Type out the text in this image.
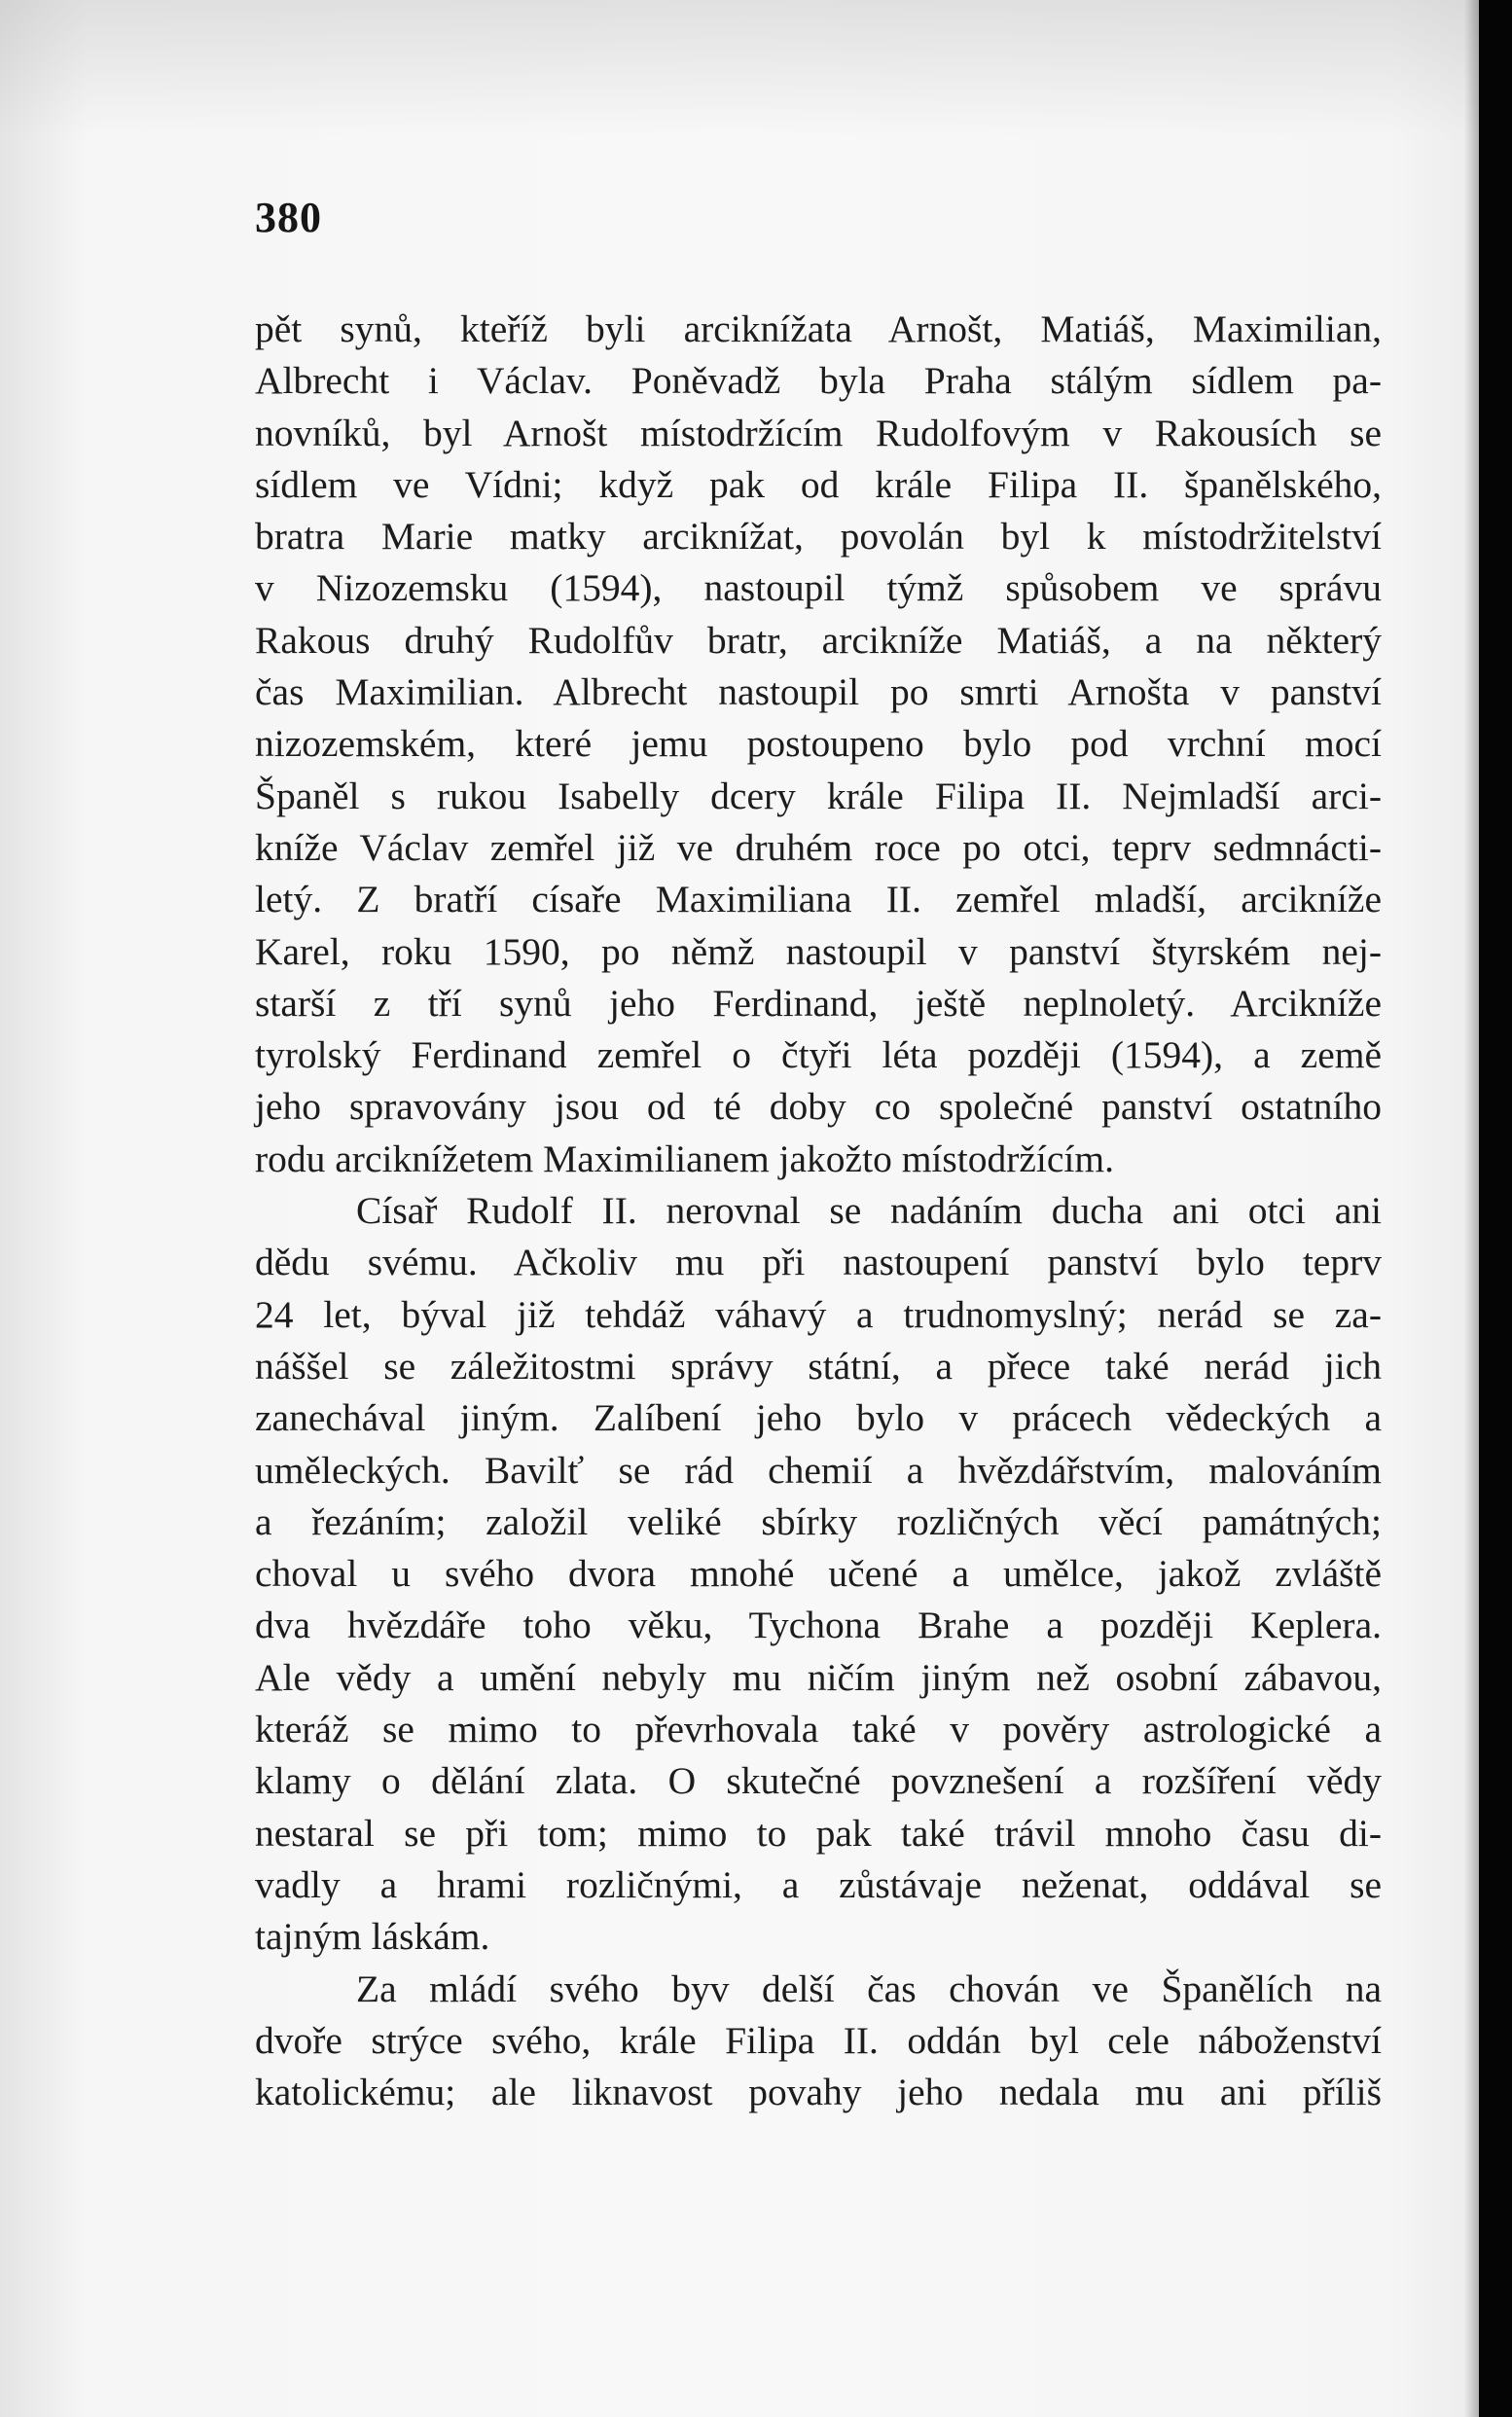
380

pět synů, kteříž byli arciknížata Arnošt, Matiáš, Maximilian,

Albrecht i Václav. Poněvadž byla Praha stálým sídlem pa-

novníků, byl Arnošt místodržícím Rudolfovým v Rakousích se

sídlem ve Vídni; když pak od krále Filipa II. španělského,

bratra Marie matky arciknížat, povolán byl k místodržitelství

v Nizozemsku (1594), nastoupil týmž spůsobem ve správu

Rakous druhý Rudolfův bratr, arcikníže Matiáš, a na některý

čas Maximilian. Albrecht nastoupil po smrti Arnošta v panství

nizozemském, které jemu postoupeno bylo pod vrchní mocí

Španěl s rukou Isabelly dcery krále Filipa II. Nejmladší arci-

kníže Václav zemřel již ve druhém roce po otci, teprv sedmnácti-

letý. Z bratří císaře Maximiliana II. zemřel mladší, arcikníže

Karel, roku 1590, po němž nastoupil v panství štyrském nej-

starší z tří synů jeho Ferdinand, ještě neplnoletý. Arcikníže

tyrolský Ferdinand zemřel o čtyři léta později (1594), a země

jeho spravovány jsou od té doby co společné panství ostatního

rodu arciknížetem Maximilianem jakožto místodržícím.

Císař Rudolf II. nerovnal se nadáním ducha ani otci ani

dědu svému. Ačkoliv mu při nastoupení panství bylo teprv

24 let, býval již tehdáž váhavý a trudnomyslný; nerád se za-

náššel se záležitostmi správy státní, a přece také nerád jich

zanechával jiným. Zalíbení jeho bylo v prácech vědeckých a

uměleckých. Bavilť se rád chemií a hvězdářstvím, malováním

a řezáním; založil veliké sbírky rozličných věcí památných;

choval u svého dvora mnohé učené a umělce, jakož zvláště

dva hvězdáře toho věku, Tychona Brahe a později Keplera.

Ale vědy a umění nebyly mu ničím jiným než osobní zábavou,

kteráž se mimo to převrhovala také v pověry astrologické a

klamy o dělání zlata. O skutečné povznešení a rozšíření vědy

nestaral se při tom; mimo to pak také trávil mnoho času di-

vadly a hrami rozličnými, a zůstávaje neženat, oddával se

tajným láskám.

Za mládí svého byv delší čas chován ve Španělích na

dvoře strýce svého, krále Filipa II. oddán byl cele náboženství

katolickému; ale liknavost povahy jeho nedala mu ani příliš
